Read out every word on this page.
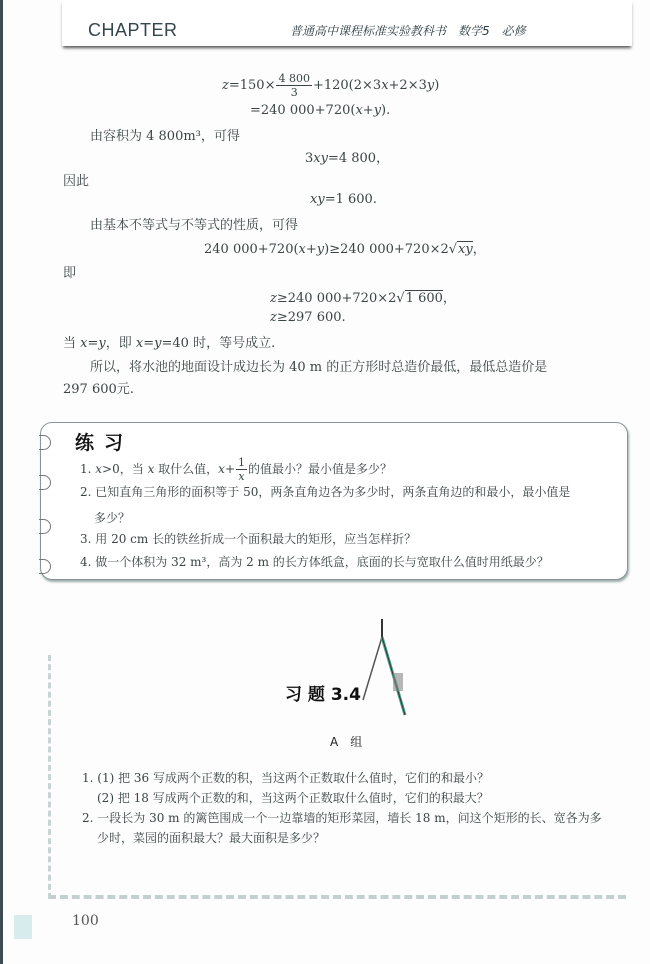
CHAPTER	普通高中课程标准实验教科书　数学5　必修
$z=150\times \frac{4 800}{3} +120(2\times 3x+2\times 3y)$
=240 000+720(x+y).
由容积为 4 800m³，可得
3xy=4 800，
因此
xy=1 600.
由基本不等式与不等式的性质，可得
240 000+720(x+y)≥240 000+720×2√xy，
即
z≥240 000+720×2√1 600，
z≥297 600.
当 x=y，即 x=y=40 时，等号成立.
所以，将水池的地面设计成边长为 40 m 的正方形时总造价最低，最低总造价是
297 600元.
练习
1. x>0，当 x 取什么值，$x+ \frac{1}{x}$的值最小？最小值是多少？
2. 已知直角三角形的面积等于 50，两条直角边各为多少时，两条直角边的和最小，最小值是
多少？
3. 用 20 cm 长的铁丝折成一个面积最大的矩形，应当怎样折？
4. 做一个体积为 32 m³，高为 2 m 的长方体纸盒，底面的长与宽取什么值时用纸最少？
习 题 3.4
A　组
1. (1) 把 36 写成两个正数的积，当这两个正数取什么值时，它们的和最小？
(2) 把 18 写成两个正数的和，当这两个正数取什么值时，它们的积最大？
2. 一段长为 30 m 的篱笆围成一个一边靠墙的矩形菜园，墙长 18 m，问这个矩形的长、宽各为多
少时，菜园的面积最大？最大面积是多少？
100
